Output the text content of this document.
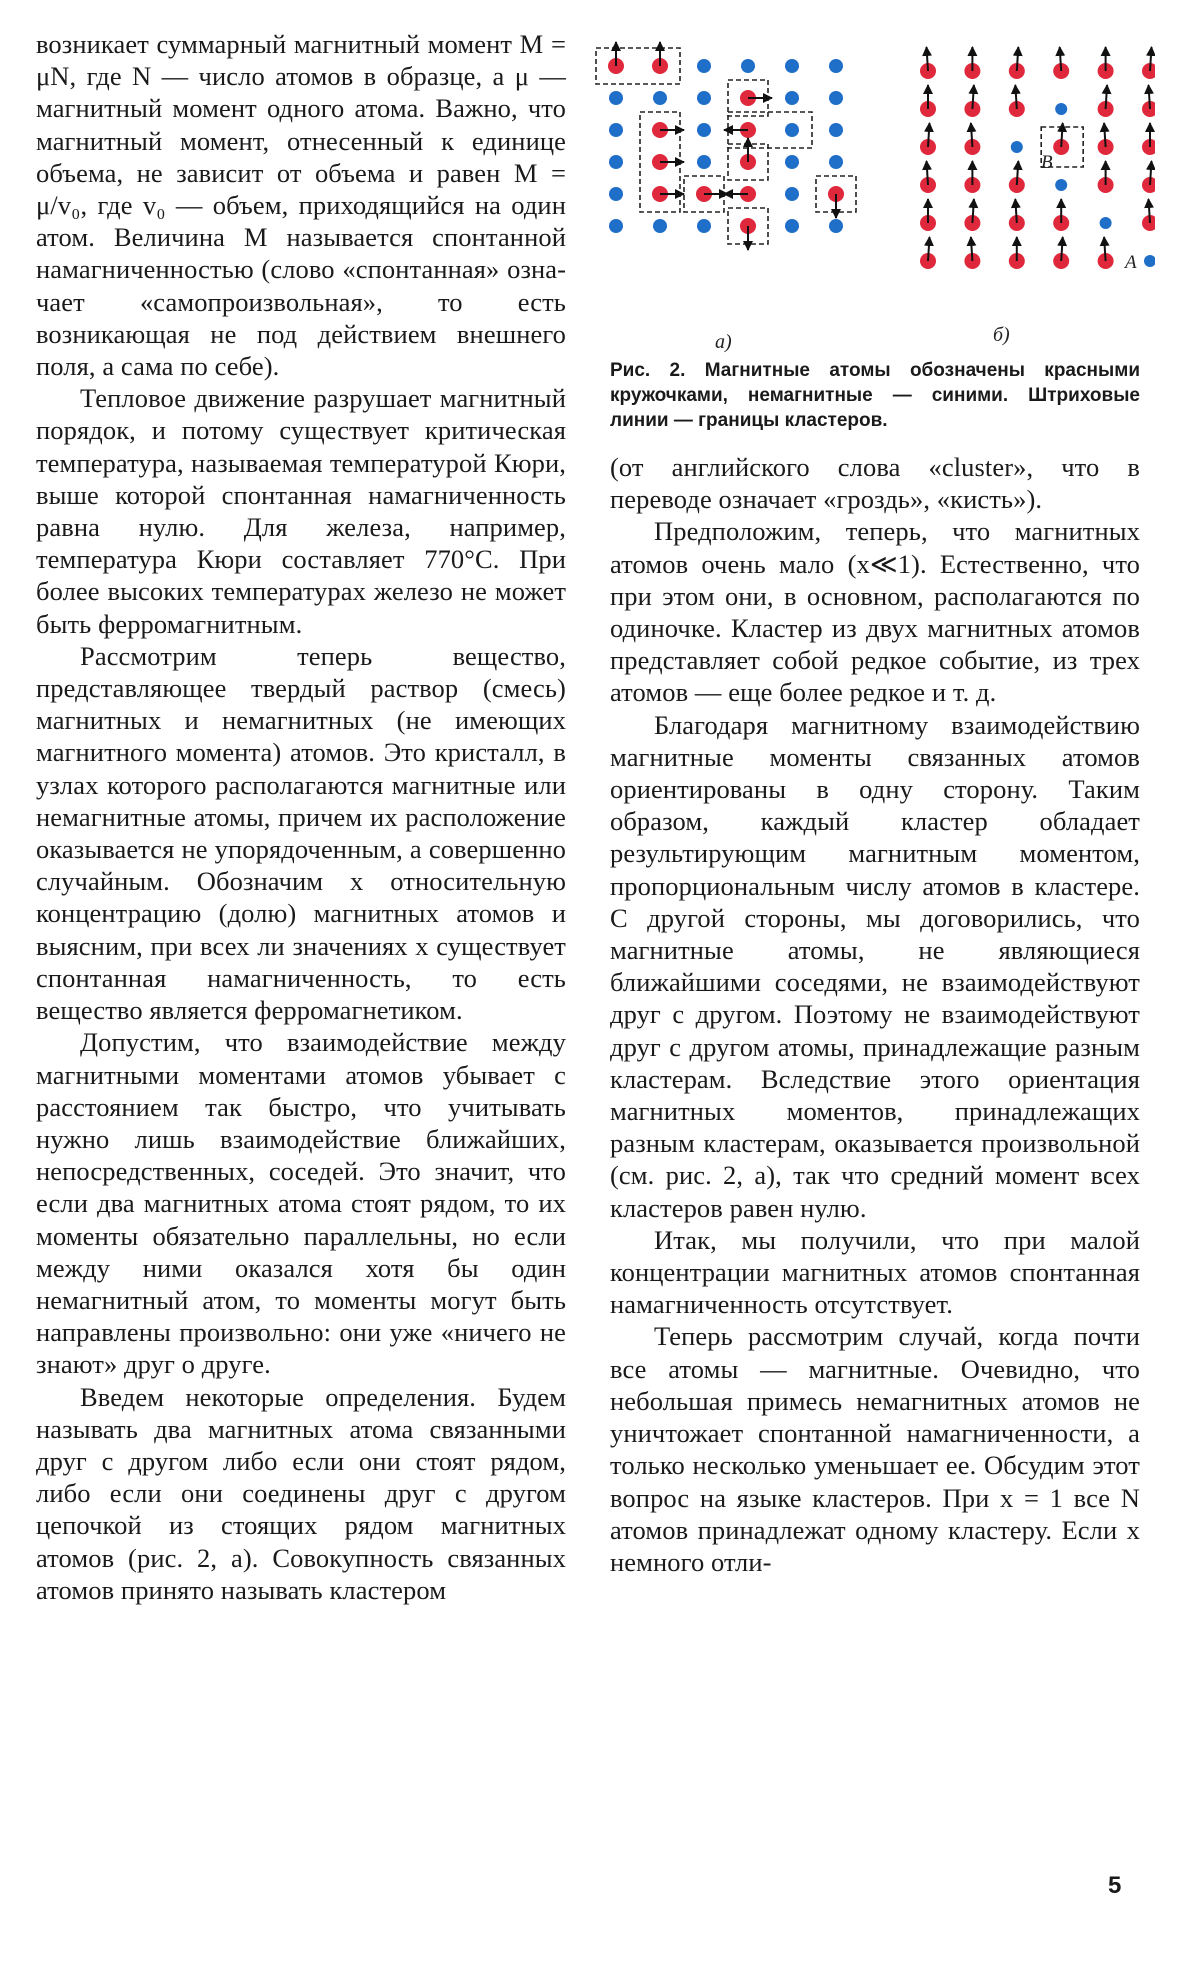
возникает суммарный магнитный момент M = μN, где N — число атомов в образце, а μ — магнитный момент одного атома. Важно, что магнитный момент, отнесенный к единице объема, не зависит от объема и равен M = μ/v₀, где v₀ — объем, приходящийся на один атом. Величина M называется спонтанной намагниченностью (слово «спонтанная» означает «самопроизвольная», то есть возникающая не под действием внешнего поля, а сама по себе).

Тепловое движение разрушает магнитный порядок, и потому существует критическая температура, называемая температурой Кюри, выше которой спонтанная намагниченность равна нулю. Для железа, например, температура Кюри составляет 770°C. При более высоких температурах железо не может быть ферромагнитным.

Рассмотрим теперь вещество, представляющее твердый раствор (смесь) магнитных и немагнитных (не имеющих магнитного момента) атомов. Это кристалл, в узлах которого располагаются магнитные или немагнитные атомы, причем их расположение оказывается не упорядоченным, а совершенно случайным. Обозначим x относительную концентрацию (долю) магнитных атомов и выясним, при всех ли значениях x существует спонтанная намагниченность, то есть вещество является ферромагнетиком.

Допустим, что взаимодействие между магнитными моментами атомов убывает с расстоянием так быстро, что учитывать нужно лишь взаимодействие ближайших, непосредственных, соседей. Это значит, что если два магнитных атома стоят рядом, то их моменты обязательно параллельны, но если между ними оказался хотя бы один немагнитный атом, то моменты могут быть направлены произвольно: они уже «ничего не знают» друг о друге.

Введем некоторые определения. Будем называть два магнитных атома связанными друг с другом либо если они стоят рядом, либо если они соединены друг с другом цепочкой из стоящих рядом магнитных атомов (рис. 2, а). Совокупность связанных атомов принято называть кластером

а)	б)
B
A

Рис. 2. Магнитные атомы обозначены красными кружочками, немагнитные — синими. Штриховые линии — границы кластеров.

(от английского слова «cluster», что в переводе означает «гроздь», «кисть»).

Предположим, теперь, что магнитных атомов очень мало (x≪1). Естественно, что при этом они, в основном, располагаются по одиночке. Кластер из двух магнитных атомов представляет собой редкое событие, из трех атомов — еще более редкое и т. д.

Благодаря магнитному взаимодействию магнитные моменты связанных атомов ориентированы в одну сторону. Таким образом, каждый кластер обладает результирующим магнитным моментом, пропорциональным числу атомов в кластере. С другой стороны, мы договорились, что магнитные атомы, не являющиеся ближайшими соседями, не взаимодействуют друг с другом. Поэтому не взаимодействуют друг с другом атомы, принадлежащие разным кластерам. Вследствие этого ориентация магнитных моментов, принадлежащих разным кластерам, оказывается произвольной (см. рис. 2, а), так что средний момент всех кластеров равен нулю.

Итак, мы получили, что при малой концентрации магнитных атомов спонтанная намагниченность отсутствует.

Теперь рассмотрим случай, когда почти все атомы — магнитные. Очевидно, что небольшая примесь немагнитных атомов не уничтожает спонтанной намагниченности, а только несколько уменьшает ее. Обсудим этот вопрос на языке кластеров. При x = 1 все N атомов принадлежат одному кластеру. Если x немного отли-

5
